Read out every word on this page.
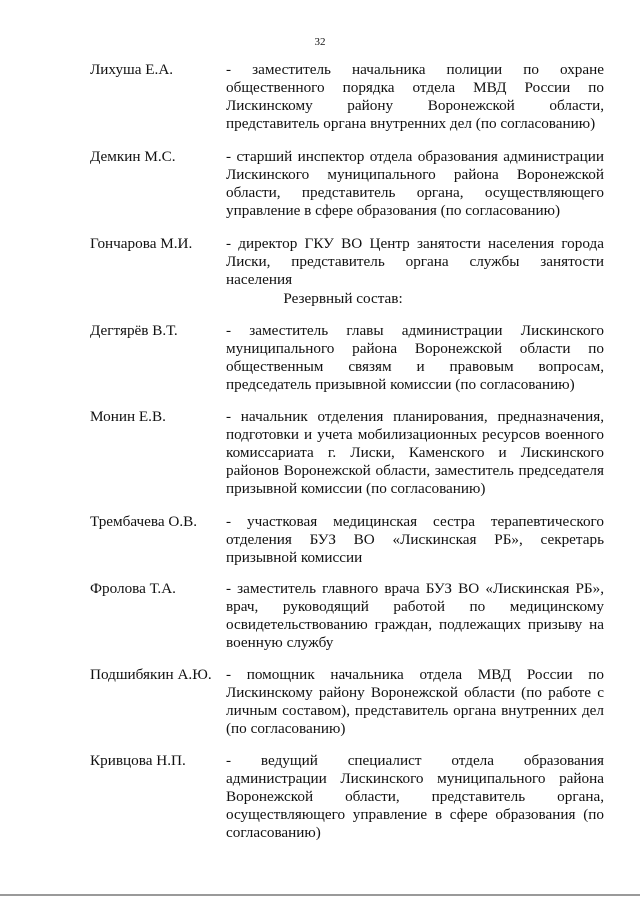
32
Лихуша Е.А.	- заместитель начальника полиции по охране общественного порядка отдела МВД России по Лискинскому району Воронежской области, представитель органа внутренних дел (по согласованию)
Демкин М.С.	- старший инспектор отдела образования администрации Лискинского муниципального района Воронежской области, представитель органа, осуществляющего управление в сфере образования (по согласованию)
Гончарова М.И. - директор ГКУ ВО Центр занятости населения города Лиски, представитель органа службы занятости населения
Резервный состав:
Дегтярёв В.Т.	- заместитель главы администрации Лискинского муниципального района Воронежской области по общественным связям и правовым вопросам, председатель призывной комиссии (по согласованию)
Монин Е.В.	- начальник отделения планирования, предназначения, подготовки и учета мобилизационных ресурсов военного комиссариата г. Лиски, Каменского и Лискинского районов Воронежской области, заместитель председателя призывной комиссии (по согласованию)
Трембачева О.В. - участковая медицинская сестра терапевтического отделения БУЗ ВО «Лискинская РБ», секретарь призывной комиссии
Фролова Т.А.	- заместитель главного врача БУЗ ВО «Лискинская РБ», врач, руководящий работой по медицинскому освидетельствованию граждан, подлежащих призыву на военную службу
Подшибякин А.Ю. - помощник начальника отдела МВД России по Лискинскому району Воронежской области (по работе с личным составом), представитель органа внутренних дел (по согласованию)
Кривцова Н.П.	- ведущий специалист отдела образования администрации Лискинского муниципального района Воронежской области, представитель органа, осуществляющего управление в сфере образования (по согласованию)
